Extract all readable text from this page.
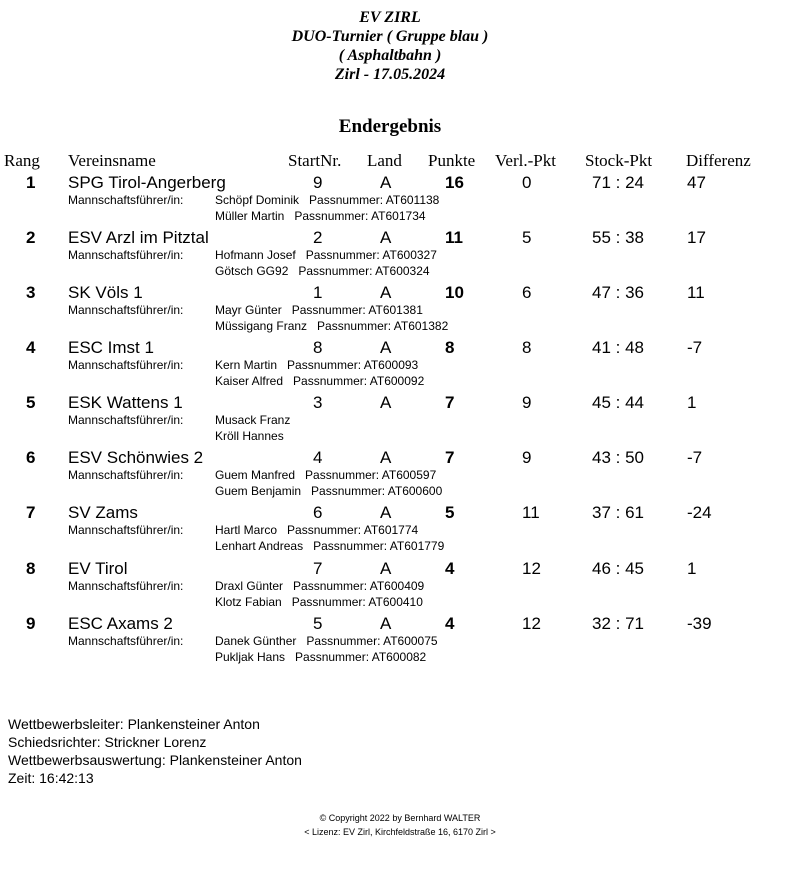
EV ZIRL
DUO-Turnier ( Gruppe blau )
( Asphaltbahn )
Zirl - 17.05.2024
Endergebnis
Rang Vereinsname	StartNr. Land Punkte Verl.-Pkt Stock-Pkt Differenz
1 SPG Tirol-Angerberg	9	A	16	0	71 : 24	47
Mannschaftsführer/in:	Schöpf Dominik Passnummer: AT601138
Müller Martin Passnummer: AT601734
2 ESV Arzl im Pitztal	2	A	11	5	55 : 38	17
Mannschaftsführer/in:	Hofmann Josef Passnummer: AT600327
Götsch GG92 Passnummer: AT600324
3 SK Völs 1	1	A	10	6	47 : 36	11
Mannschaftsführer/in:	Mayr Günter Passnummer: AT601381
Müssigang Franz Passnummer: AT601382
4 ESC Imst 1	8	A	8	8	41 : 48	-7
Mannschaftsführer/in:	Kern Martin Passnummer: AT600093
Kaiser Alfred Passnummer: AT600092
5 ESK Wattens 1	3	A	7	9	45 : 44	1
Mannschaftsführer/in:	Musack Franz
Kröll Hannes
6 ESV Schönwies 2	4	A	7	9	43 : 50	-7
Mannschaftsführer/in:	Guem Manfred Passnummer: AT600597
Guem Benjamin Passnummer: AT600600
7 SV Zams	6	A	5	11	37 : 61	-24
Mannschaftsführer/in:	Hartl Marco Passnummer: AT601774
Lenhart Andreas Passnummer: AT601779
8 EV Tirol	7	A	4	12	46 : 45	1
Mannschaftsführer/in:	Draxl Günter Passnummer: AT600409
Klotz Fabian Passnummer: AT600410
9 ESC Axams 2	5	A	4	12	32 : 71	-39
Mannschaftsführer/in:	Danek Günther Passnummer: AT600075
Pukljak Hans Passnummer: AT600082
Wettbewerbsleiter: Plankensteiner Anton
Schiedsrichter: Strickner Lorenz
Wettbewerbsauswertung: Plankensteiner Anton
Zeit: 16:42:13
© Copyright 2022 by Bernhard WALTER
< Lizenz: EV Zirl, Kirchfeldstraße 16, 6170 Zirl >
